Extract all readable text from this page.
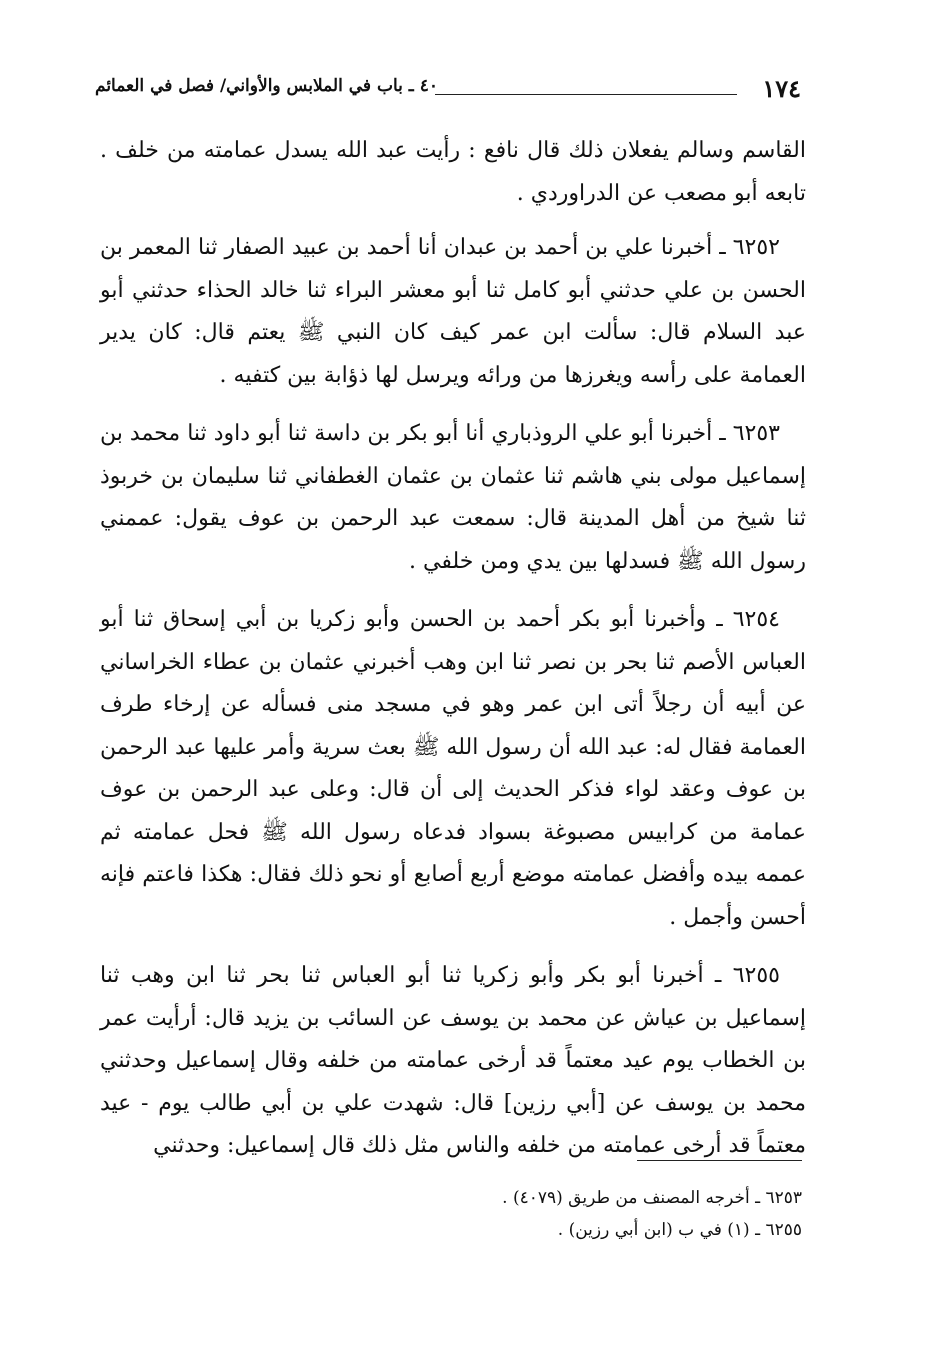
١٧٤
٤٠ ـ باب في الملابس والأواني/ فصل في العمائم

القاسم وسالم يفعلان ذلك قال نافع : رأيت عبد الله يسدل عمامته من خلف . تابعه أبو مصعب عن الدراوردي .

٦٢٥٢ ـ أخبرنا علي بن أحمد بن عبدان أنا أحمد بن عبيد الصفار ثنا المعمر بن الحسن بن علي حدثني أبو كامل ثنا أبو معشر البراء ثنا خالد الحذاء حدثني أبو عبد السلام قال: سألت ابن عمر كيف كان النبي ﷺ يعتم قال: كان يدير العمامة على رأسه ويغرزها من ورائه ويرسل لها ذؤابة بين كتفيه .

٦٢٥٣ ـ أخبرنا أبو علي الروذباري أنا أبو بكر بن داسة ثنا أبو داود ثنا محمد بن إسماعيل مولى بني هاشم ثنا عثمان بن عثمان الغطفاني ثنا سليمان بن خربوذ ثنا شيخ من أهل المدينة قال: سمعت عبد الرحمن بن عوف يقول: عممني رسول الله ﷺ فسدلها بين يدي ومن خلفي .

٦٢٥٤ ـ وأخبرنا أبو بكر أحمد بن الحسن وأبو زكريا بن أبي إسحاق ثنا أبو العباس الأصم ثنا بحر بن نصر ثنا ابن وهب أخبرني عثمان بن عطاء الخراساني عن أبيه أن رجلاً أتى ابن عمر وهو في مسجد منى فسأله عن إرخاء طرف العمامة فقال له: عبد الله أن رسول الله ﷺ بعث سرية وأمر عليها عبد الرحمن بن عوف وعقد لواء فذكر الحديث إلى أن قال: وعلى عبد الرحمن بن عوف عمامة من كرابيس مصبوغة بسواد فدعاه رسول الله ﷺ فحل عمامته ثم عممه بيده وأفضل عمامته موضع أربع أصابع أو نحو ذلك فقال: هكذا فاعتم فإنه أحسن وأجمل .

٦٢٥٥ ـ أخبرنا أبو بكر وأبو زكريا ثنا أبو العباس ثنا بحر ثنا ابن وهب ثنا إسماعيل بن عياش عن محمد بن يوسف عن السائب بن يزيد قال: أرأيت عمر بن الخطاب يوم عيد معتماً قد أرخى عمامته من خلفه وقال إسماعيل وحدثني محمد بن يوسف عن [أبي رزين] قال: شهدت علي بن أبي طالب يوم - عيد معتماً قد أرخى عمامته من خلفه والناس مثل ذلك قال إسماعيل: وحدثني

٦٢٥٣ ـ أخرجه المصنف من طريق (٤٠٧٩) .
٦٢٥٥ ـ (١) في ب (ابن أبي رزين) .
